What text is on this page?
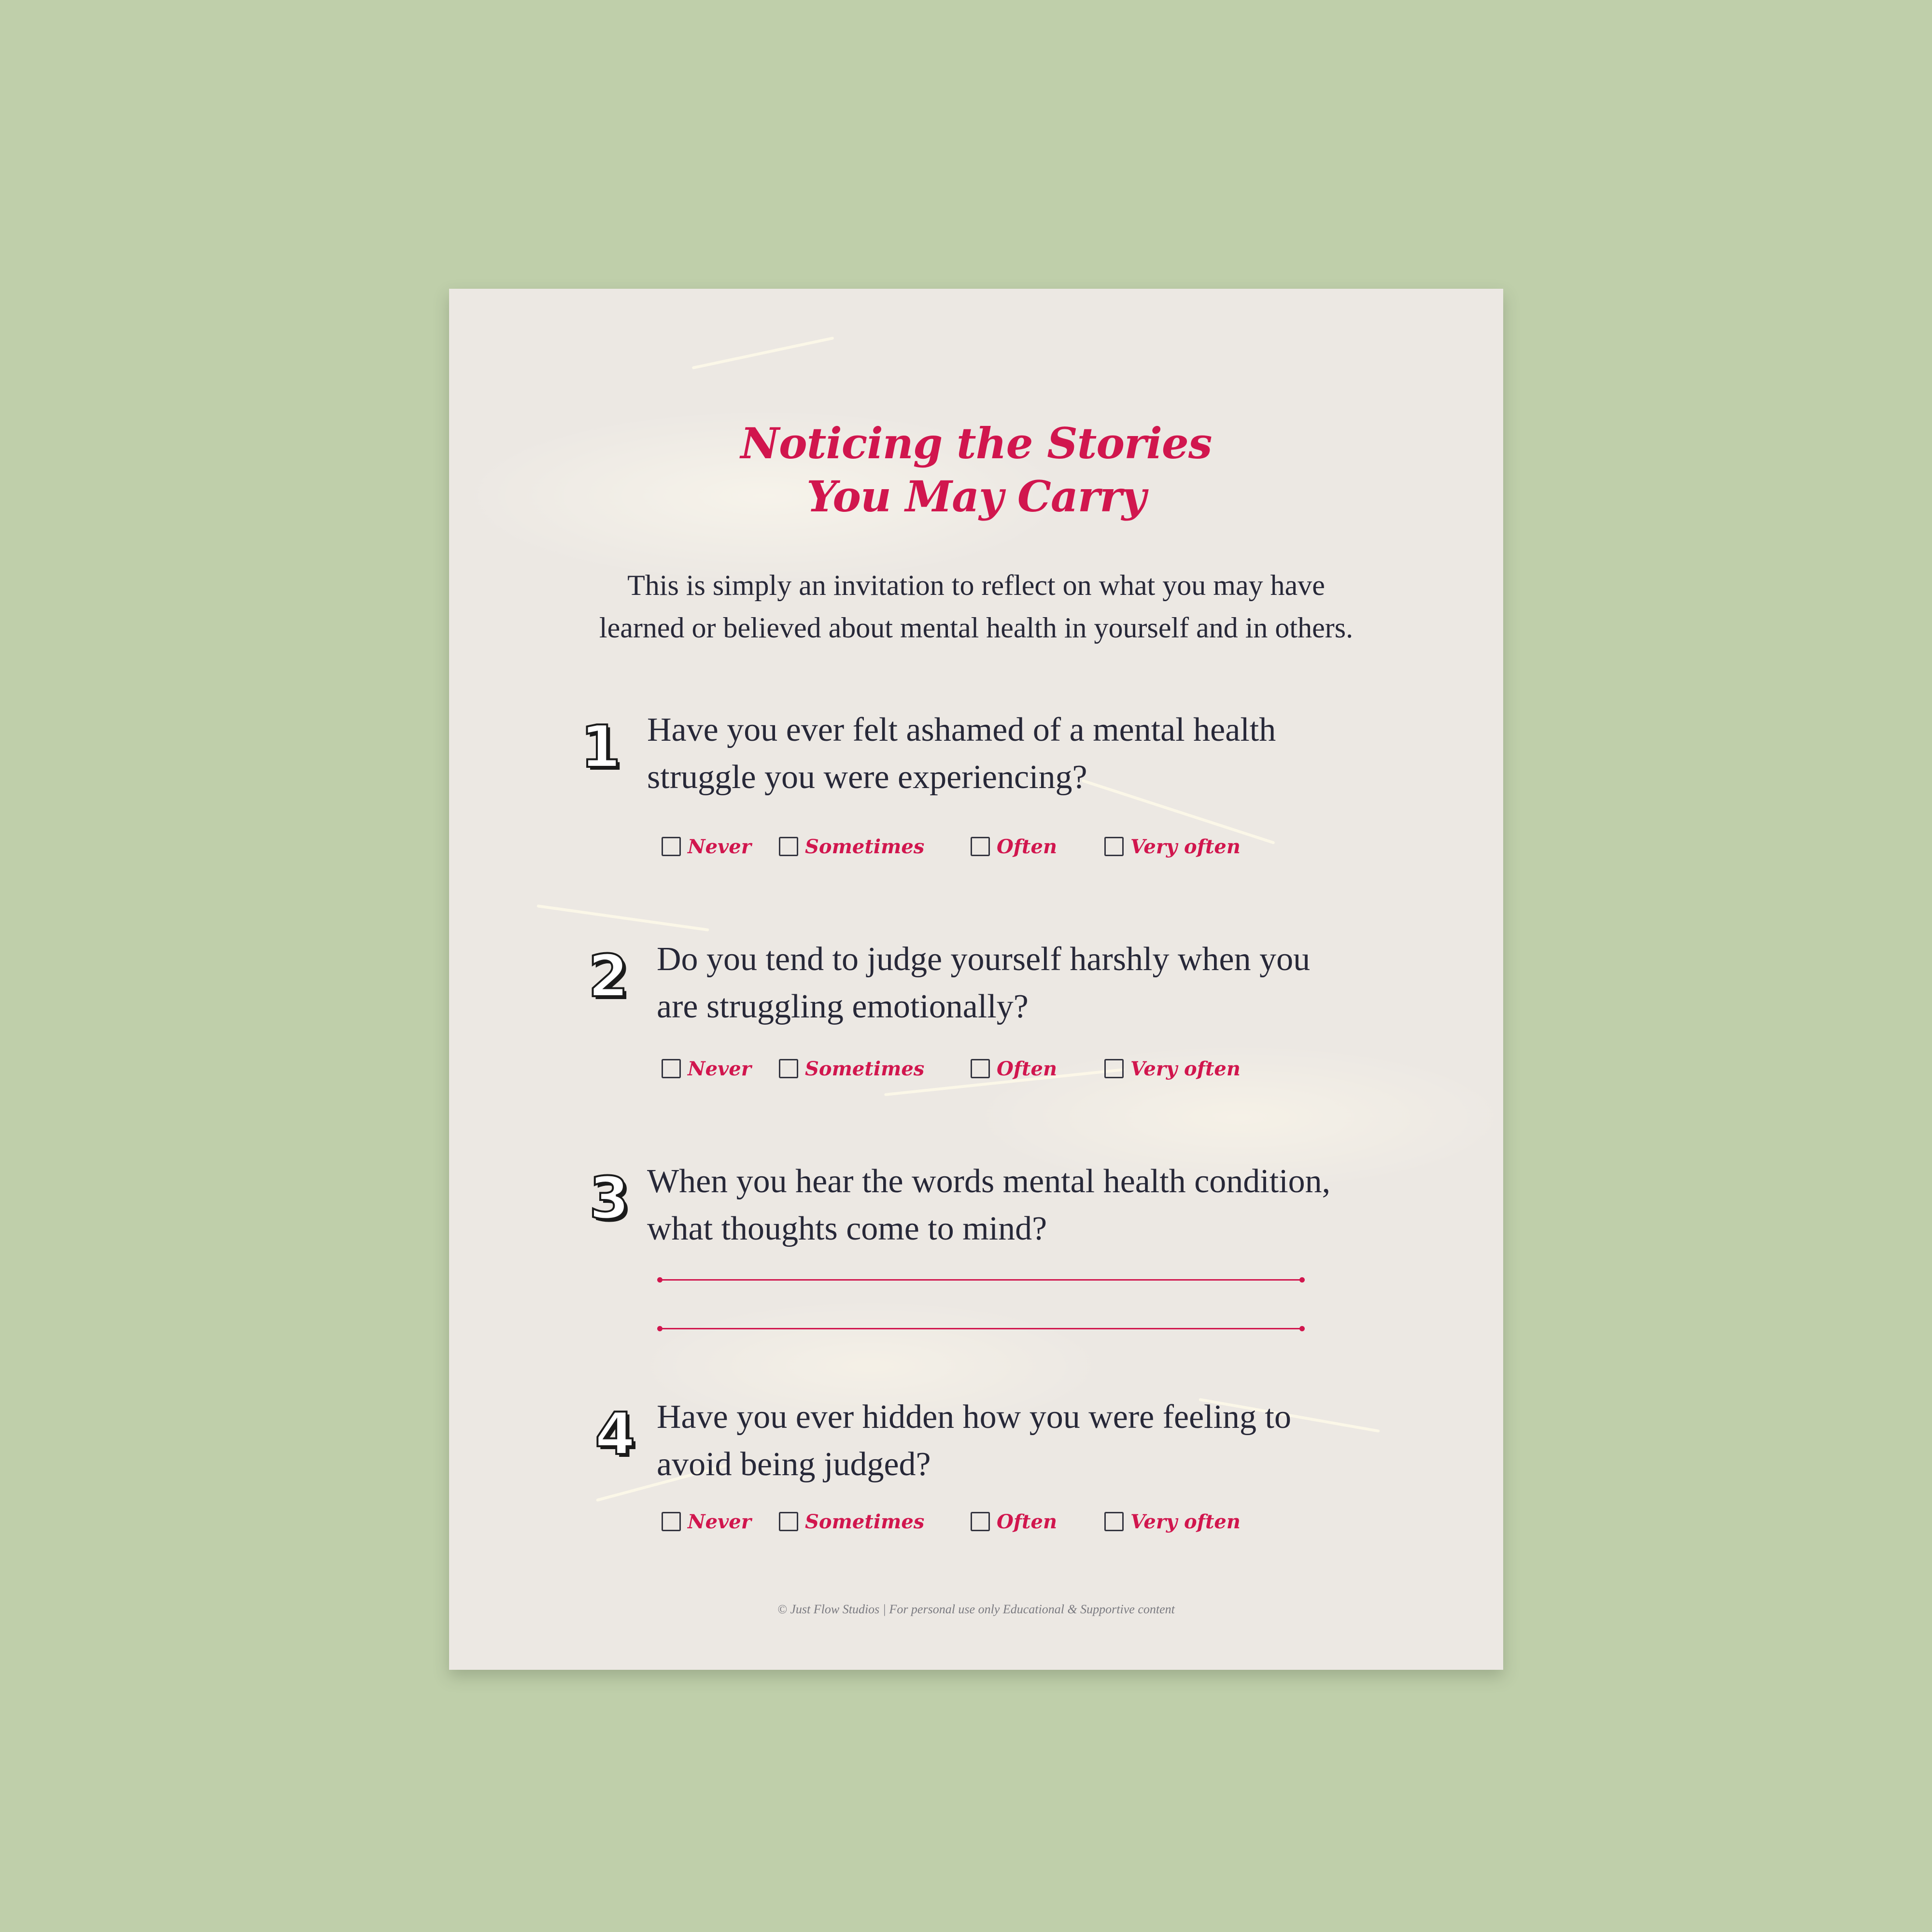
Noticing the Stories
You May Carry
This is simply an invitation to reflect on what you may have
learned or believed about mental health in yourself and in others.
1 Have you ever felt ashamed of a mental health
struggle you were experiencing?
Never	Sometimes	Often	Very often
2 Do you tend to judge yourself harshly when you
are struggling emotionally?
Never	Sometimes	Often	Very often
3 When you hear the words mental health condition,
what thoughts come to mind?
4 Have you ever hidden how you were feeling to
avoid being judged?
Never	Sometimes	Often	Very often
© Just Flow Studios | For personal use only Educational & Supportive content
